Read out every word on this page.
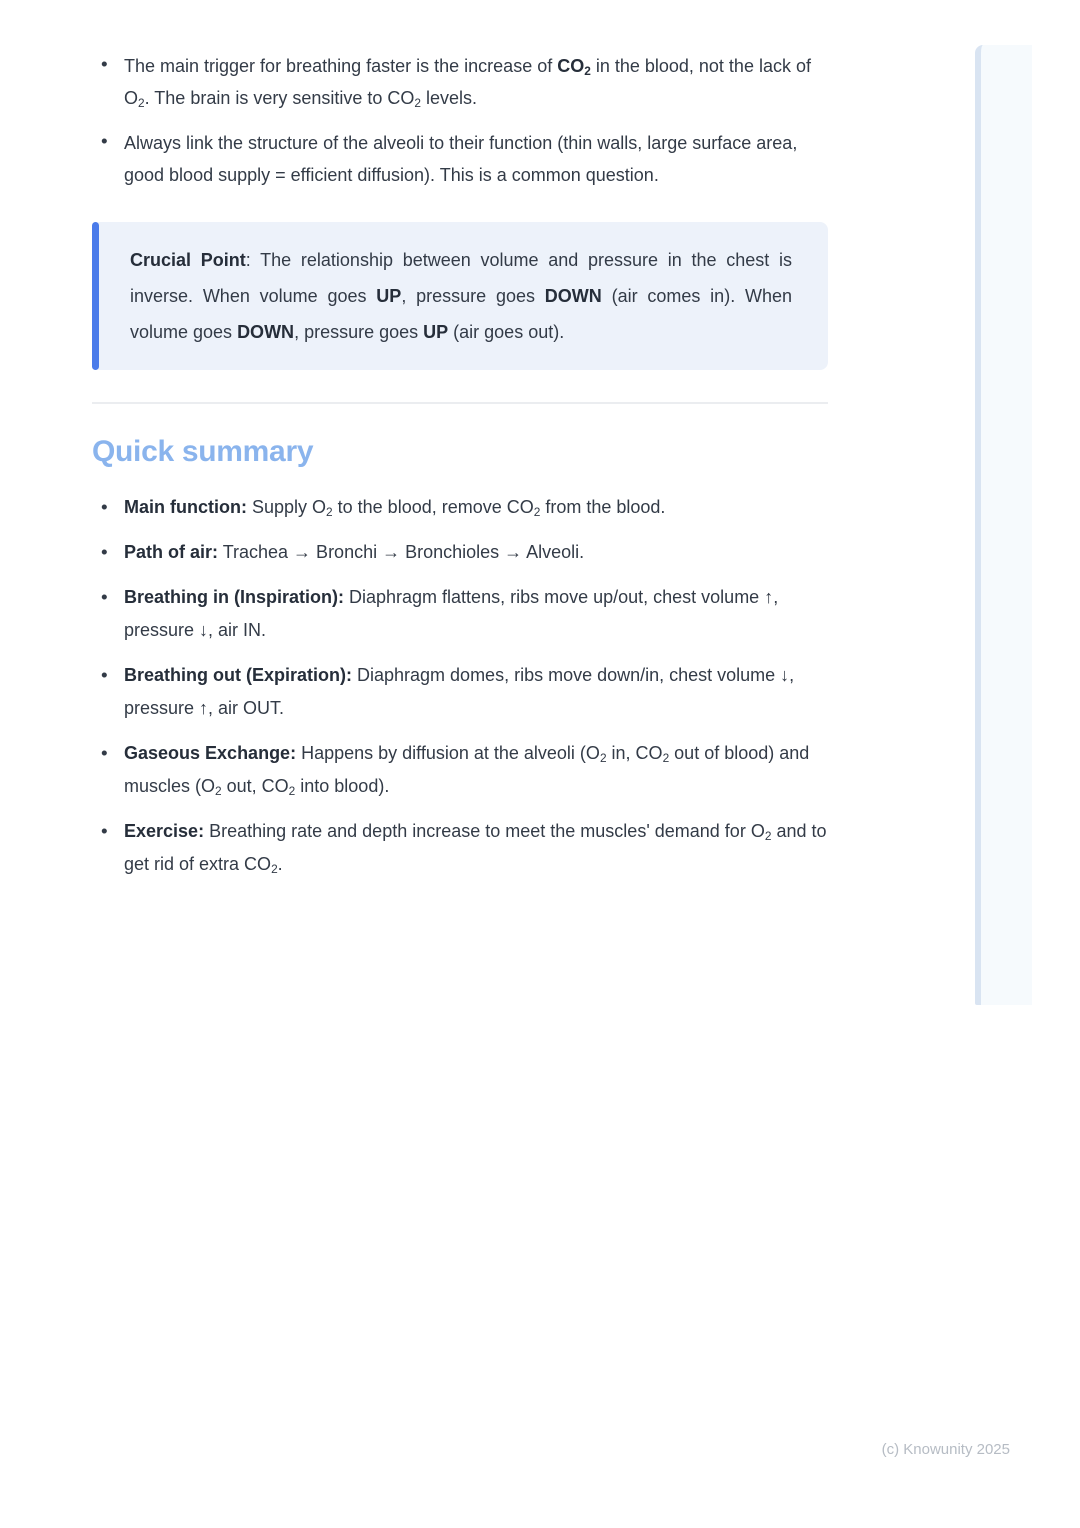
• The main trigger for breathing faster is the increase of $CO_2$ in the blood, not the lack of $O_2$. The brain is very sensitive to $CO_2$ levels.
• Always link the structure of the alveoli to their function (thin walls, large surface area, good blood supply = efficient diffusion). This is a common question.

Crucial Point: The relationship between volume and pressure in the chest is inverse. When volume goes UP, pressure goes DOWN (air comes in). When volume goes DOWN, pressure goes UP (air goes out).

Quick summary
• Main function: Supply $O_2$ to the blood, remove $CO_2$ from the blood.
• Path of air: Trachea → Bronchi → Bronchioles → Alveoli.
• Breathing in (Inspiration): Diaphragm flattens, ribs move up/out, chest volume ↑, pressure ↓, air IN.
• Breathing out (Expiration): Diaphragm domes, ribs move down/in, chest volume ↓, pressure ↑, air OUT.
• Gaseous Exchange: Happens by diffusion at the alveoli ($O_2$ in, $CO_2$ out of blood) and muscles ($O_2$ out, $CO_2$ into blood).
• Exercise: Breathing rate and depth increase to meet the muscles' demand for $O_2$ and to get rid of extra $CO_2$.
(c) Knowunity 2025
